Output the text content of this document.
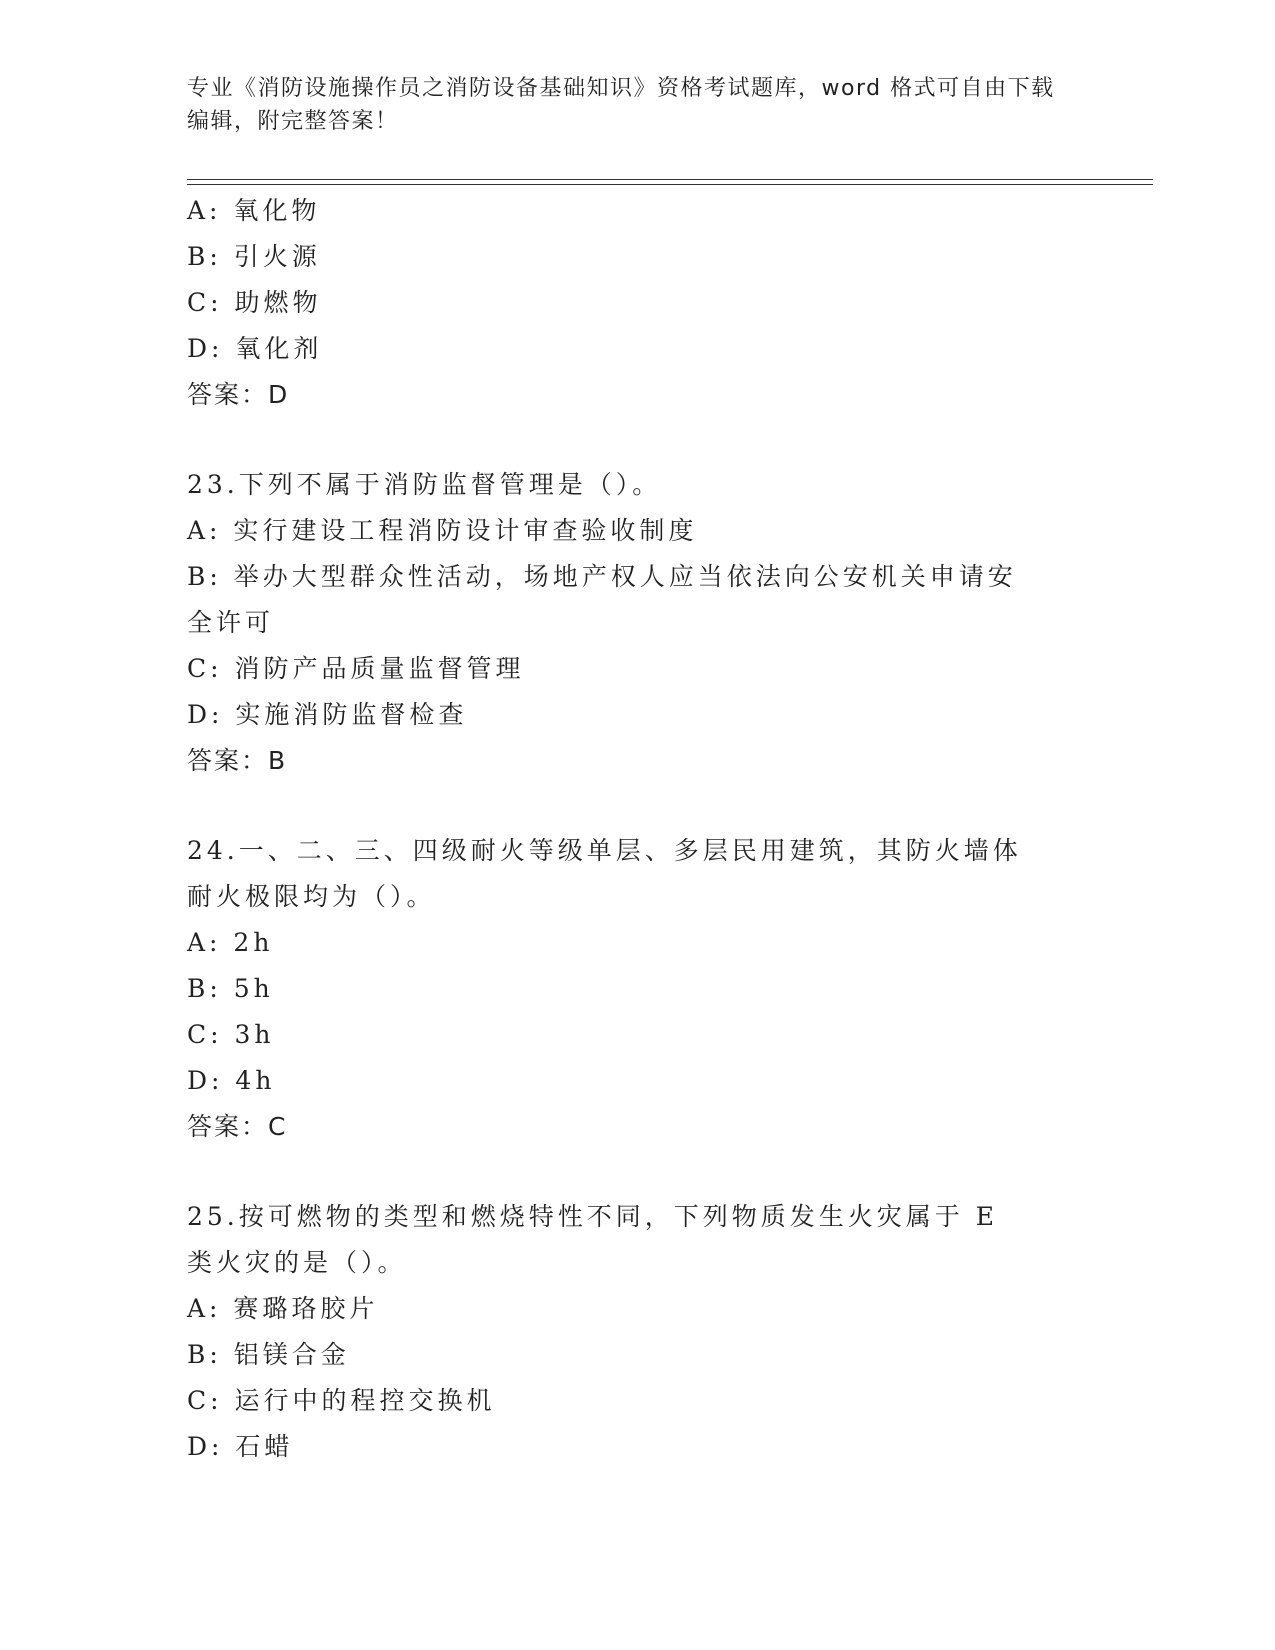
专业《消防设施操作员之消防设备基础知识》资格考试题库，word 格式可自由下载编辑，附完整答案！
A: 氧化物
B: 引火源
C: 助燃物
D: 氧化剂
答案：D
23.下列不属于消防监督管理是（）。
A: 实行建设工程消防设计审查验收制度
B: 举办大型群众性活动，场地产权人应当依法向公安机关申请安全许可
C: 消防产品质量监督管理
D: 实施消防监督检查
答案：B
24.一、二、三、四级耐火等级单层、多层民用建筑，其防火墙体耐火极限均为（）。
A: 2h
B: 5h
C: 3h
D: 4h
答案：C
25.按可燃物的类型和燃烧特性不同，下列物质发生火灾属于 E 类火灾的是（）。
A: 赛璐珞胶片
B: 铝镁合金
C: 运行中的程控交换机
D: 石蜡
